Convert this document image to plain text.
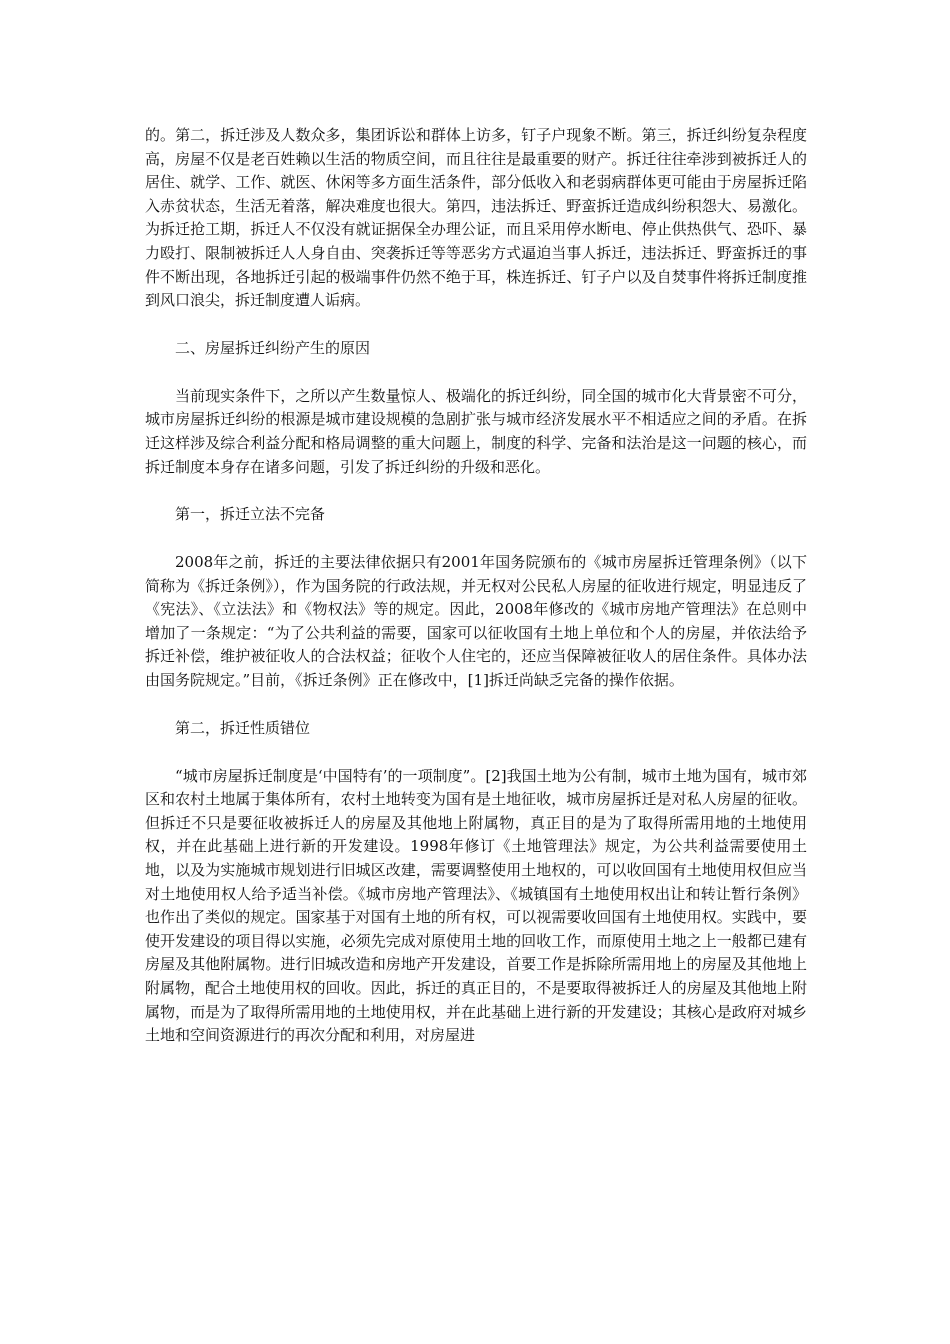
的。第二，拆迁涉及人数众多，集团诉讼和群体上访多，钉子户现象不断。第三，拆迁纠纷复杂程度高，房屋不仅是老百姓赖以生活的物质空间，而且往往是最重要的财产。拆迁往往牵涉到被拆迁人的居住、就学、工作、就医、休闲等多方面生活条件，部分低收入和老弱病群体更可能由于房屋拆迁陷入赤贫状态，生活无着落，解决难度也很大。第四，违法拆迁、野蛮拆迁造成纠纷积怨大、易激化。为拆迁抢工期，拆迁人不仅没有就证据保全办理公证，而且采用停水断电、停止供热供气、恐吓、暴力殴打、限制被拆迁人人身自由、突袭拆迁等等恶劣方式逼迫当事人拆迁，违法拆迁、野蛮拆迁的事件不断出现，各地拆迁引起的极端事件仍然不绝于耳，株连拆迁、钉子户以及自焚事件将拆迁制度推到风口浪尖，拆迁制度遭人诟病。

二、房屋拆迁纠纷产生的原因

当前现实条件下，之所以产生数量惊人、极端化的拆迁纠纷，同全国的城市化大背景密不可分，城市房屋拆迁纠纷的根源是城市建设规模的急剧扩张与城市经济发展水平不相适应之间的矛盾。在拆迁这样涉及综合利益分配和格局调整的重大问题上，制度的科学、完备和法治是这一问题的核心，而拆迁制度本身存在诸多问题，引发了拆迁纠纷的升级和恶化。

第一，拆迁立法不完备

2008年之前，拆迁的主要法律依据只有2001年国务院颁布的《城市房屋拆迁管理条例》（以下简称为《拆迁条例》），作为国务院的行政法规，并无权对公民私人房屋的征收进行规定，明显违反了《宪法》、《立法法》和《物权法》等的规定。因此，2008年修改的《城市房地产管理法》在总则中增加了一条规定：“为了公共利益的需要，国家可以征收国有土地上单位和个人的房屋，并依法给予拆迁补偿，维护被征收人的合法权益；征收个人住宅的，还应当保障被征收人的居住条件。具体办法由国务院规定。”目前，《拆迁条例》正在修改中，[1]拆迁尚缺乏完备的操作依据。

第二，拆迁性质错位

“城市房屋拆迁制度是‘中国特有’的一项制度”。[2]我国土地为公有制，城市土地为国有，城市郊区和农村土地属于集体所有，农村土地转变为国有是土地征收，城市房屋拆迁是对私人房屋的征收。但拆迁不只是要征收被拆迁人的房屋及其他地上附属物，真正目的是为了取得所需用地的土地使用权，并在此基础上进行新的开发建设。1998年修订《土地管理法》规定，为公共利益需要使用土地，以及为实施城市规划进行旧城区改建，需要调整使用土地权的，可以收回国有土地使用权但应当对土地使用权人给予适当补偿。《城市房地产管理法》、《城镇国有土地使用权出让和转让暂行条例》也作出了类似的规定。国家基于对国有土地的所有权，可以视需要收回国有土地使用权。实践中，要使开发建设的项目得以实施，必须先完成对原使用土地的回收工作，而原使用土地之上一般都已建有房屋及其他附属物。进行旧城改造和房地产开发建设，首要工作是拆除所需用地上的房屋及其他地上附属物，配合土地使用权的回收。因此，拆迁的真正目的，不是要取得被拆迁人的房屋及其他地上附属物，而是为了取得所需用地的土地使用权，并在此基础上进行新的开发建设；其核心是政府对城乡土地和空间资源进行的再次分配和利用，对房屋进
